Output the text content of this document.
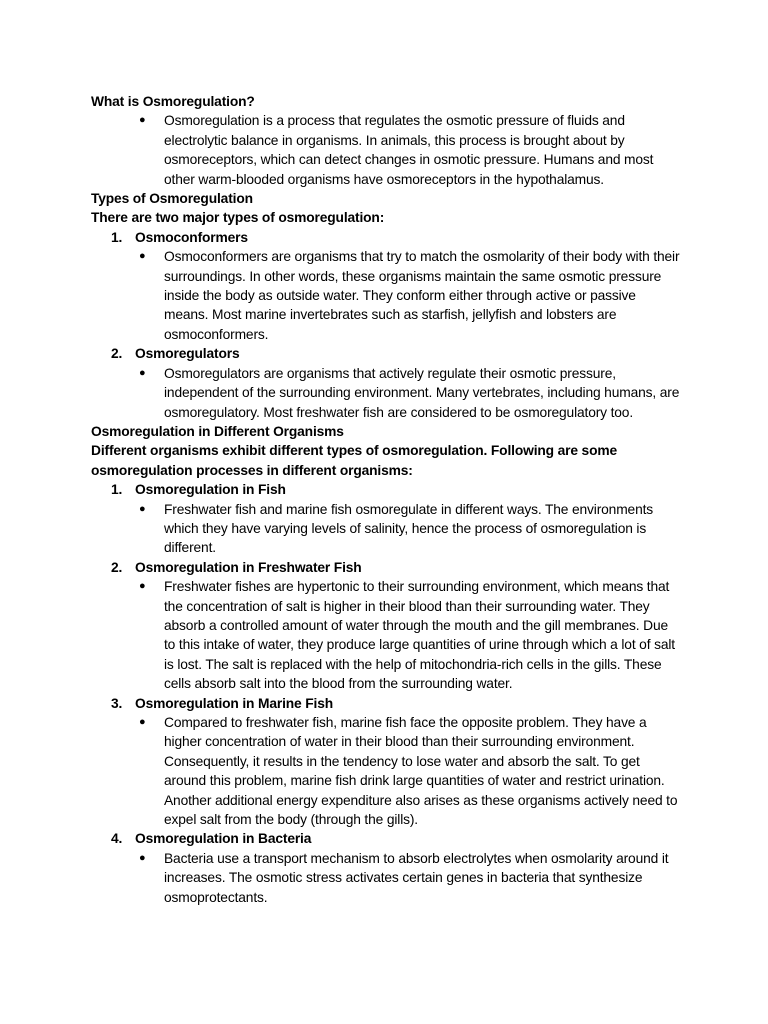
What is Osmoregulation?
● Osmoregulation is a process that regulates the osmotic pressure of fluids and electrolytic balance in organisms. In animals, this process is brought about by osmoreceptors, which can detect changes in osmotic pressure. Humans and most other warm-blooded organisms have osmoreceptors in the hypothalamus.
Types of Osmoregulation
There are two major types of osmoregulation:
1. Osmoconformers
● Osmoconformers are organisms that try to match the osmolarity of their body with their surroundings. In other words, these organisms maintain the same osmotic pressure inside the body as outside water. They conform either through active or passive means. Most marine invertebrates such as starfish, jellyfish and lobsters are osmoconformers.
2. Osmoregulators
● Osmoregulators are organisms that actively regulate their osmotic pressure, independent of the surrounding environment. Many vertebrates, including humans, are osmoregulatory. Most freshwater fish are considered to be osmoregulatory too.
Osmoregulation in Different Organisms
Different organisms exhibit different types of osmoregulation. Following are some osmoregulation processes in different organisms:
1. Osmoregulation in Fish
● Freshwater fish and marine fish osmoregulate in different ways. The environments which they have varying levels of salinity, hence the process of osmoregulation is different.
2. Osmoregulation in Freshwater Fish
● Freshwater fishes are hypertonic to their surrounding environment, which means that the concentration of salt is higher in their blood than their surrounding water. They absorb a controlled amount of water through the mouth and the gill membranes. Due to this intake of water, they produce large quantities of urine through which a lot of salt is lost. The salt is replaced with the help of mitochondria-rich cells in the gills. These cells absorb salt into the blood from the surrounding water.
3. Osmoregulation in Marine Fish
● Compared to freshwater fish, marine fish face the opposite problem. They have a higher concentration of water in their blood than their surrounding environment. Consequently, it results in the tendency to lose water and absorb the salt. To get around this problem, marine fish drink large quantities of water and restrict urination. Another additional energy expenditure also arises as these organisms actively need to expel salt from the body (through the gills).
4. Osmoregulation in Bacteria
● Bacteria use a transport mechanism to absorb electrolytes when osmolarity around it increases. The osmotic stress activates certain genes in bacteria that synthesize osmoprotectants.
